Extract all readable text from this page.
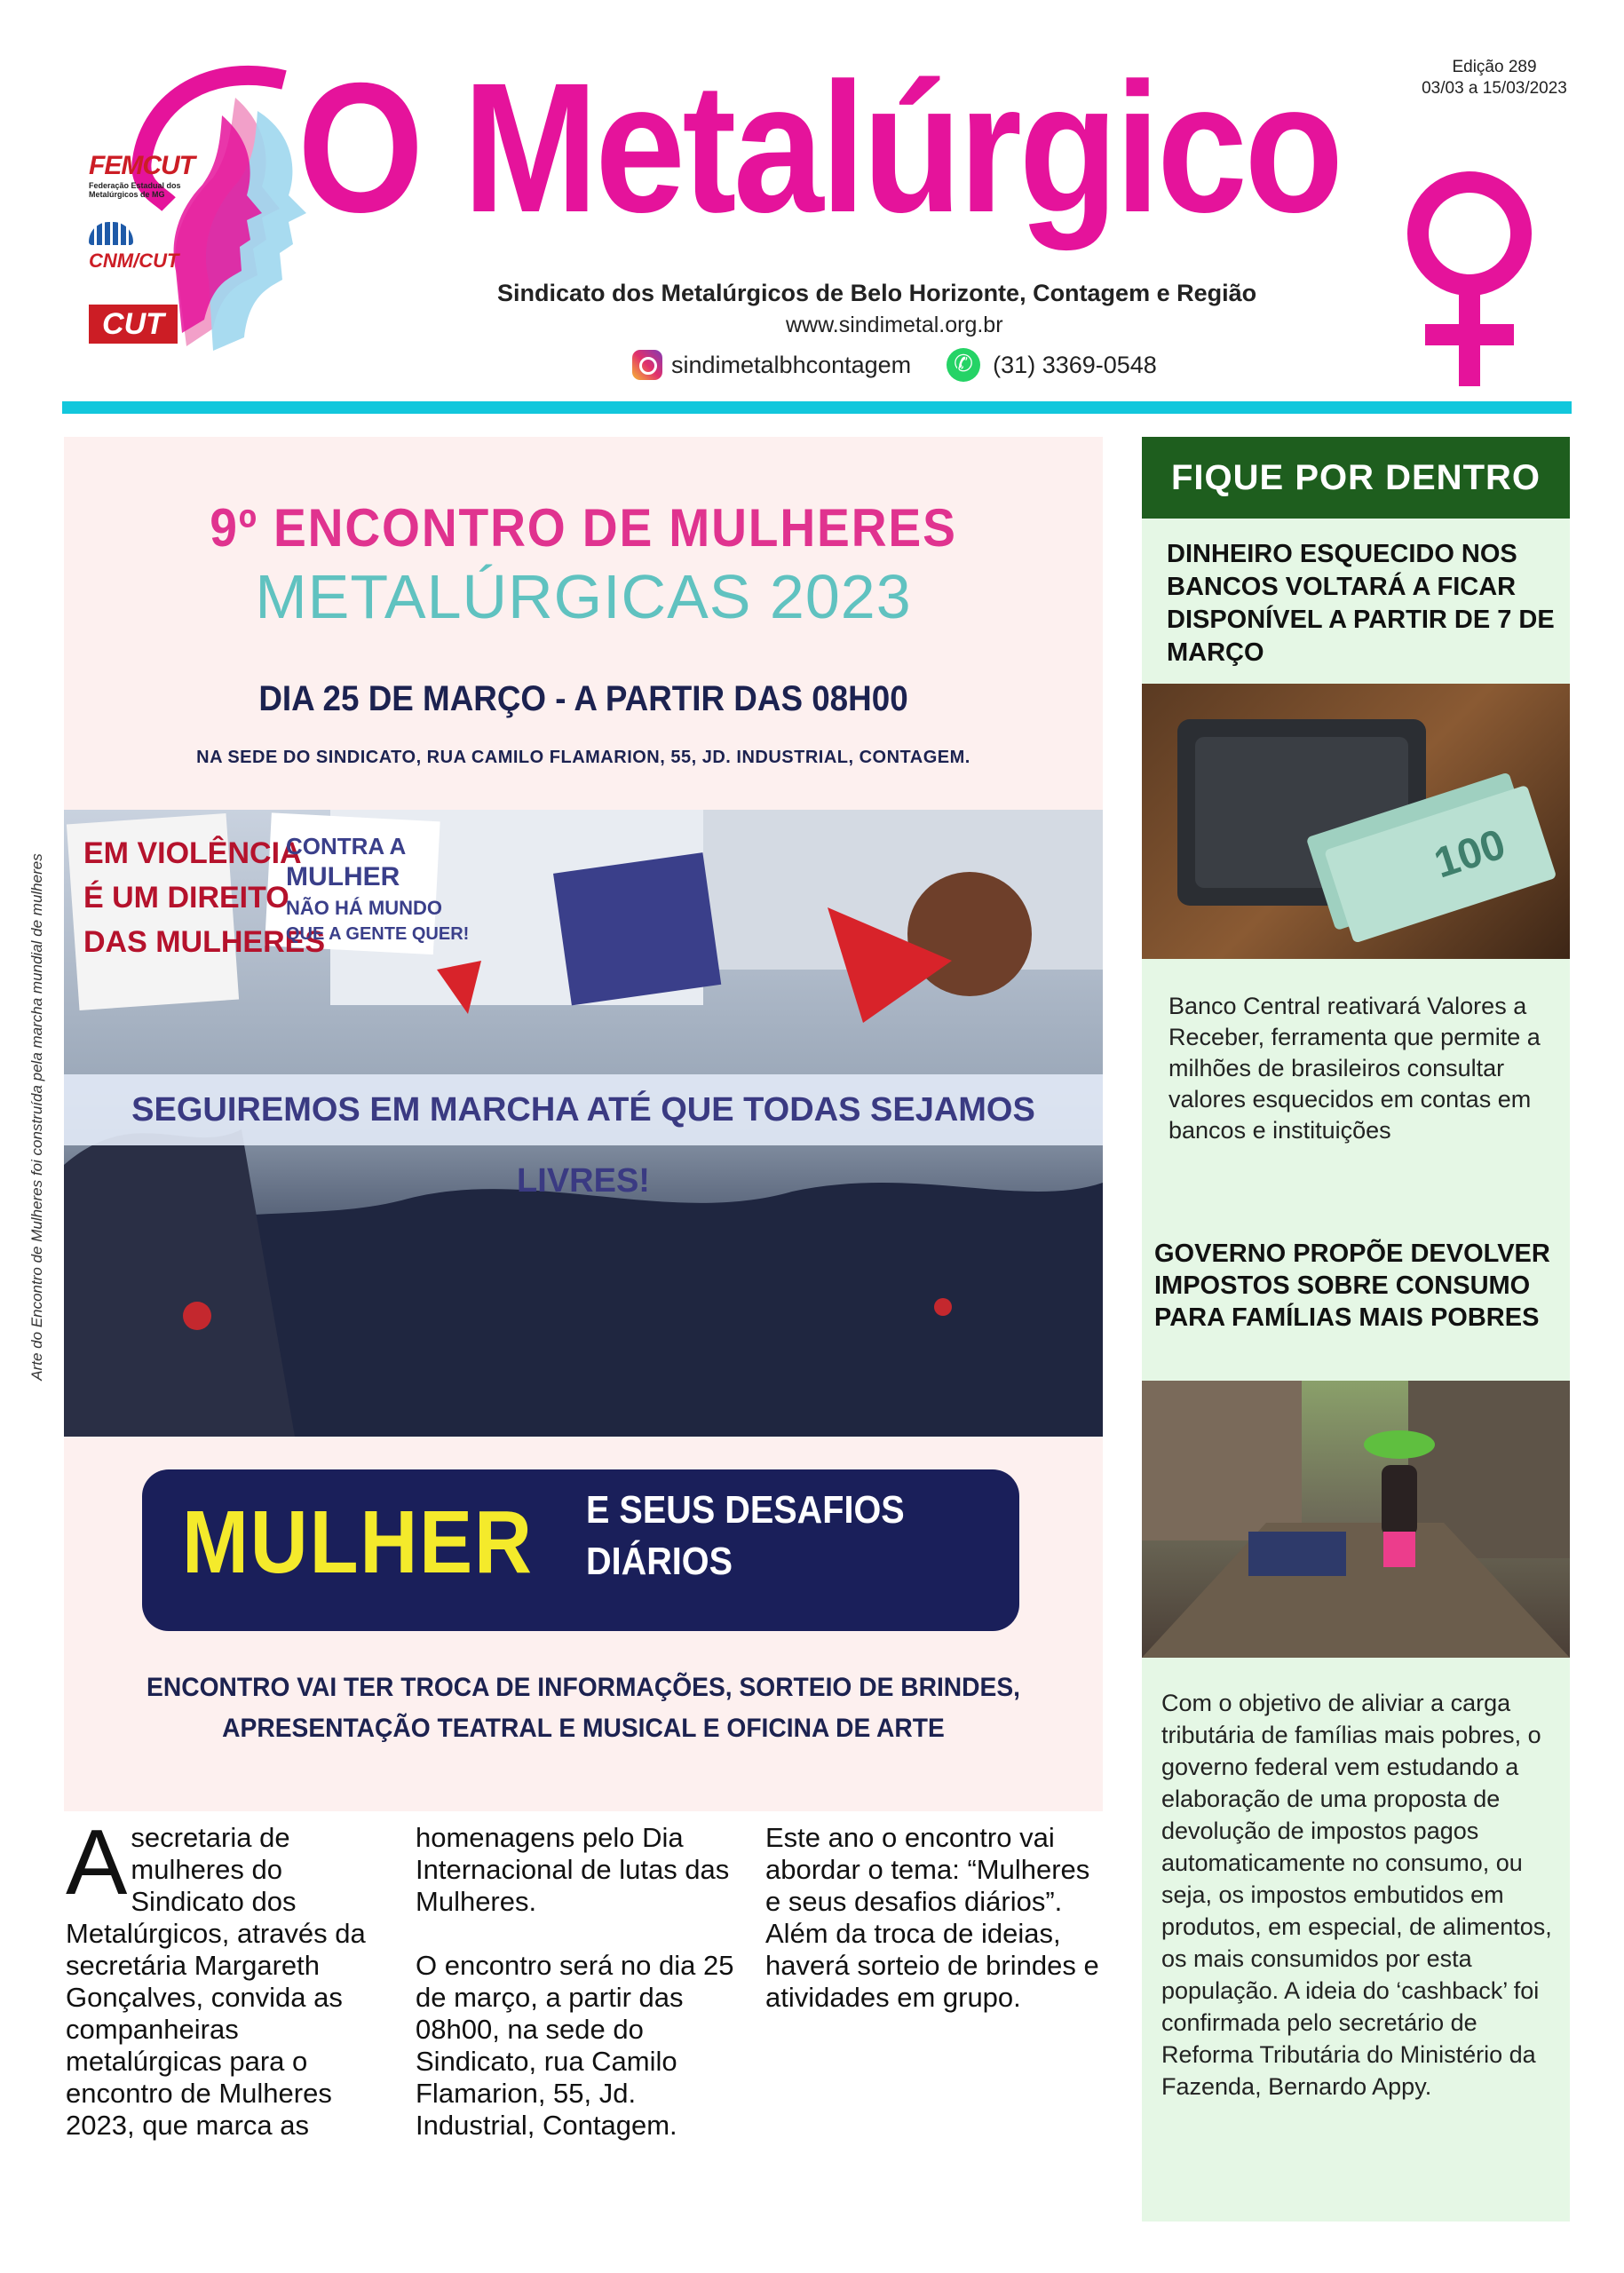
FEMCUT
Federação Estadual dos Metalúrgicos de MG
CNM/CUT
CUT
Edição 289
03/03 a 15/03/2023
O Metalúrgico
Sindicato dos Metalúrgicos de Belo Horizonte, Contagem e Região
www.sindimetal.org.br
sindimetalbhcontagem
✆	(31) 3369-0548
Arte do Encontro de Mulheres foi construída pela marcha mundial de mulheres
9º ENCONTRO DE MULHERES
METALÚRGICAS 2023
DIA 25 DE MARÇO - A PARTIR DAS 08H00
NA SEDE DO SINDICATO, RUA CAMILO FLAMARION, 55, JD. INDUSTRIAL, CONTAGEM.
EM VIOLÊNCIA
É UM DIREITO
DAS MULHERES
CONTRA A
MULHER
NÃO HÁ MUNDO
QUE A GENTE QUER!
SEGUIREMOS EM MARCHA ATÉ QUE TODAS SEJAMOS LIVRES!
MULHER E SEUS DESAFIOS
DIÁRIOS
ENCONTRO VAI TER TROCA DE INFORMAÇÕES, SORTEIO DE BRINDES,
APRESENTAÇÃO TEATRAL E MUSICAL E OFICINA DE ARTE
Asecretaria de mulheres do Sindicato dos Metalúrgicos, através da secretária Margareth Gonçalves, convida as companheiras metalúrgicas para o encontro de Mulheres 2023, que marca as
homenagens pelo Dia Internacional de lutas das Mulheres.
O encontro será no dia 25 de março, a partir das 08h00, na sede do Sindicato, rua Camilo Flamarion, 55, Jd. Industrial, Contagem.
Este ano o encontro vai abordar o tema: “Mulheres e seus desafios diários”. Além da troca de ideias, haverá sorteio de brindes e atividades em grupo.
FIQUE POR DENTRO
DINHEIRO ESQUECIDO NOS BANCOS VOLTARÁ A FICAR DISPONÍVEL A PARTIR DE 7 DE MARÇO
100
Banco Central reativará Valores a Receber, ferramenta que permite a milhões de brasileiros consultar valores esquecidos em contas em bancos e instituições
GOVERNO PROPÕE DEVOLVER IMPOSTOS SOBRE CONSUMO PARA FAMÍLIAS MAIS POBRES
Com o objetivo de aliviar a carga tributária de famílias mais pobres, o governo federal vem estudando a elaboração de uma proposta de devolução de impostos pagos automaticamente no consumo, ou seja, os impostos embutidos em produtos, em especial, de alimentos, os mais consumidos por esta população. A ideia do ‘cashback’ foi confirmada pelo secretário de Reforma Tributária do Ministério da Fazenda, Bernardo Appy.
